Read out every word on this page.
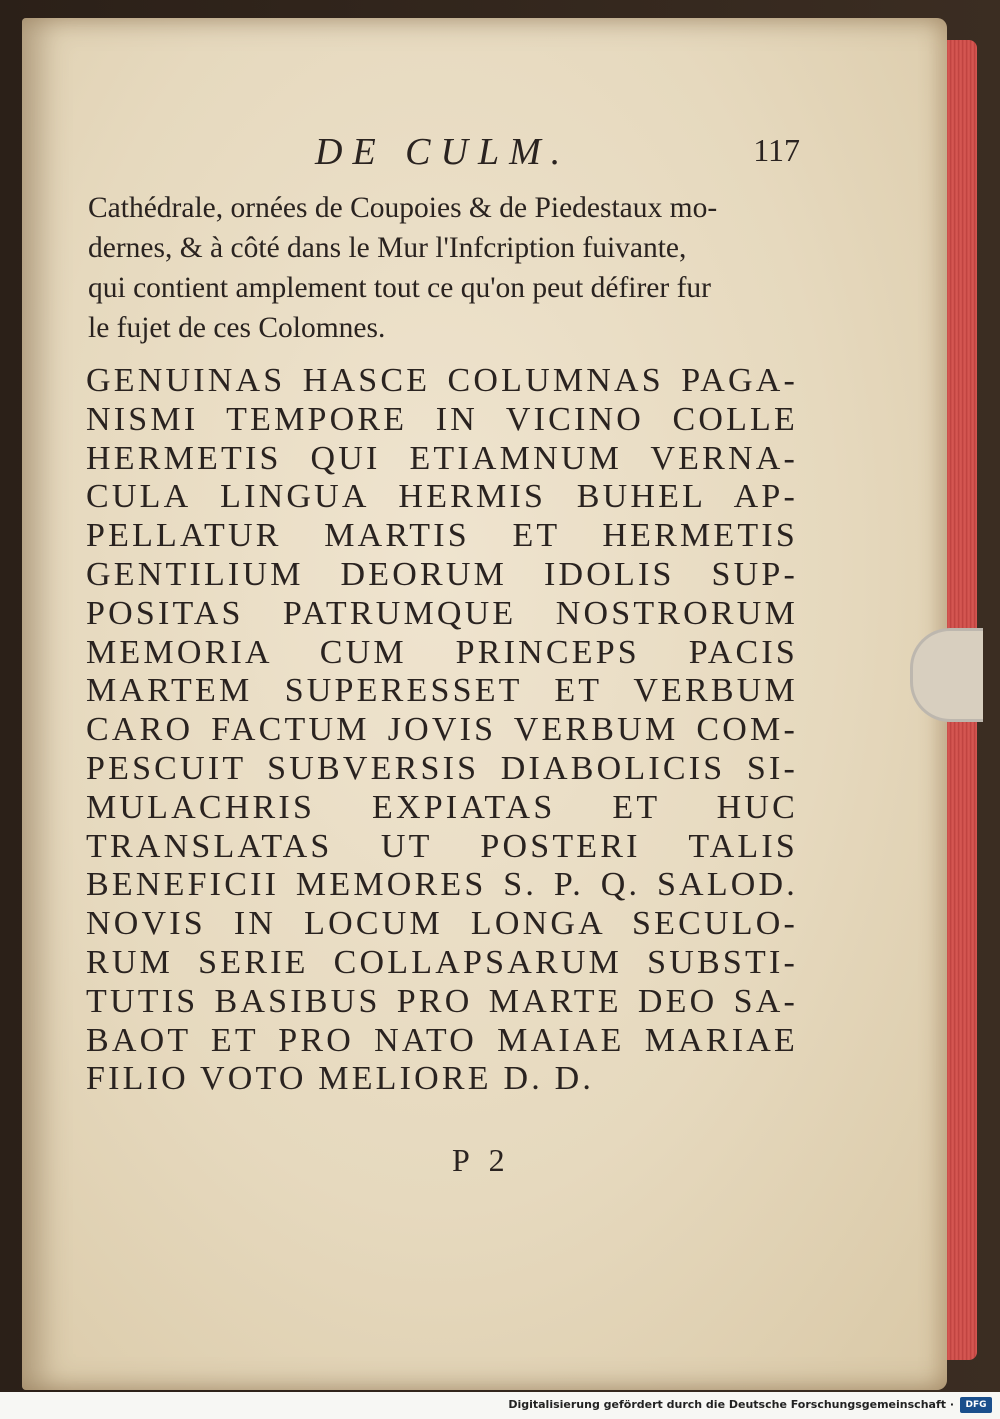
DE CULM.	117
Cathédrale, ornées de Coupoies & de Piedestaux mo-
dernes, & à côté dans le Mur l'Infcription fuivante,
qui contient amplement tout ce qu'on peut défirer fur
le fujet de ces Colomnes.
GENUINAS HASCE COLUMNAS PAGA-
NISMI TEMPORE IN VICINO COLLE
HERMETIS QUI ETIAMNUM VERNA-
CULA LINGUA HERMIS BUHEL AP-
PELLATUR MARTIS ET HERMETIS
GENTILIUM DEORUM IDOLIS SUP-
POSITAS PATRUMQUE NOSTRORUM
MEMORIA CUM PRINCEPS PACIS
MARTEM SUPERESSET ET VERBUM
CARO FACTUM JOVIS VERBUM COM-
PESCUIT SUBVERSIS DIABOLICIS SI-
MULACHRIS EXPIATAS ET HUC
TRANSLATAS UT POSTERI TALIS
BENEFICII MEMORES S. P. Q. SALOD.
NOVIS IN LOCUM LONGA SECULO-
RUM SERIE COLLAPSARUM SUBSTI-
TUTIS BASIBUS PRO MARTE DEO SA-
BAOT ET PRO NATO MAIAE MARIAE
FILIO VOTO MELIORE D. D.
P 2
Digitalisierung gefördert durch die Deutsche Forschungsgemeinschaft ·	DFG
